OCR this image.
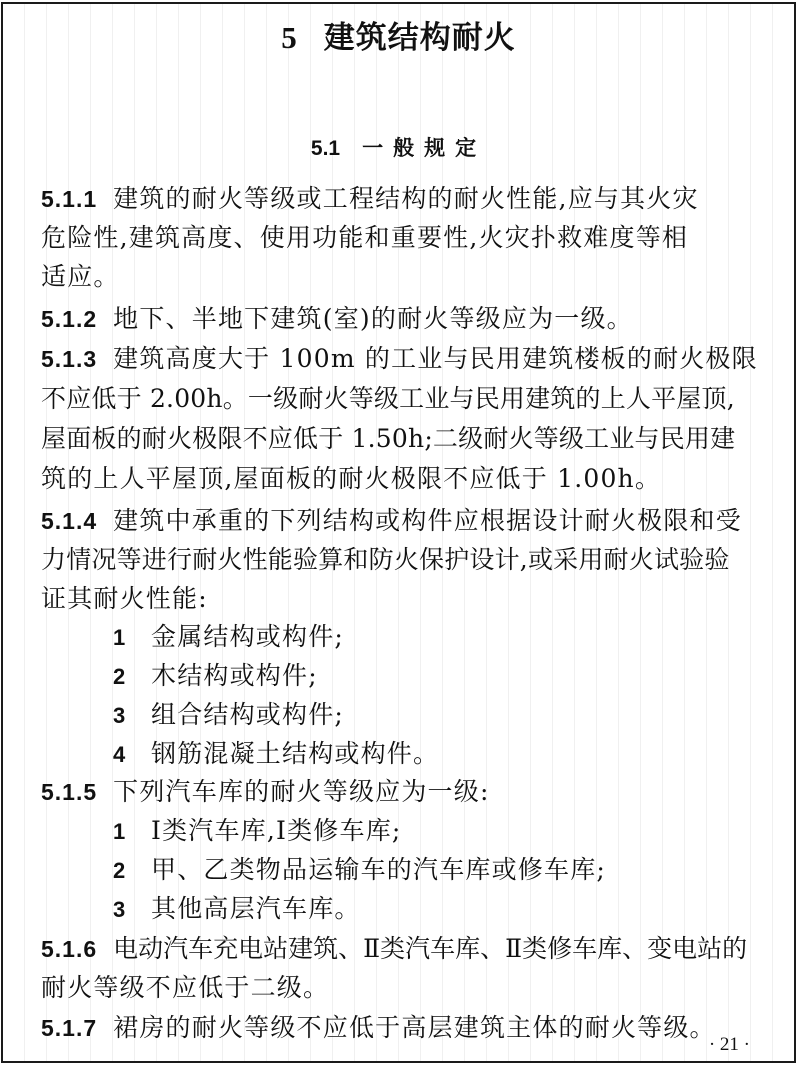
5 建筑结构耐火
5.1 一般规定
5.1.1 建筑的耐火等级或工程结构的耐火性能,应与其火灾
危险性,建筑高度、使用功能和重要性,火灾扑救难度等相
适应。
5.1.2 地下、半地下建筑(室)的耐火等级应为一级。
5.1.3 建筑高度大于 100m 的工业与民用建筑楼板的耐火极限
不应低于 2.00h。一级耐火等级工业与民用建筑的上人平屋顶,
屋面板的耐火极限不应低于 1.50h;二级耐火等级工业与民用建
筑的上人平屋顶,屋面板的耐火极限不应低于 1.00h。
5.1.4 建筑中承重的下列结构或构件应根据设计耐火极限和受
力情况等进行耐火性能验算和防火保护设计,或采用耐火试验验
证其耐火性能:
1 金属结构或构件;
2 木结构或构件;
3 组合结构或构件;
4 钢筋混凝土结构或构件。
5.1.5 下列汽车库的耐火等级应为一级:
1 Ⅰ类汽车库,Ⅰ类修车库;
2 甲、乙类物品运输车的汽车库或修车库;
3 其他高层汽车库。
5.1.6 电动汽车充电站建筑、Ⅱ类汽车库、Ⅱ类修车库、变电站的
耐火等级不应低于二级。
5.1.7 裙房的耐火等级不应低于高层建筑主体的耐火等级。
· 21 ·
